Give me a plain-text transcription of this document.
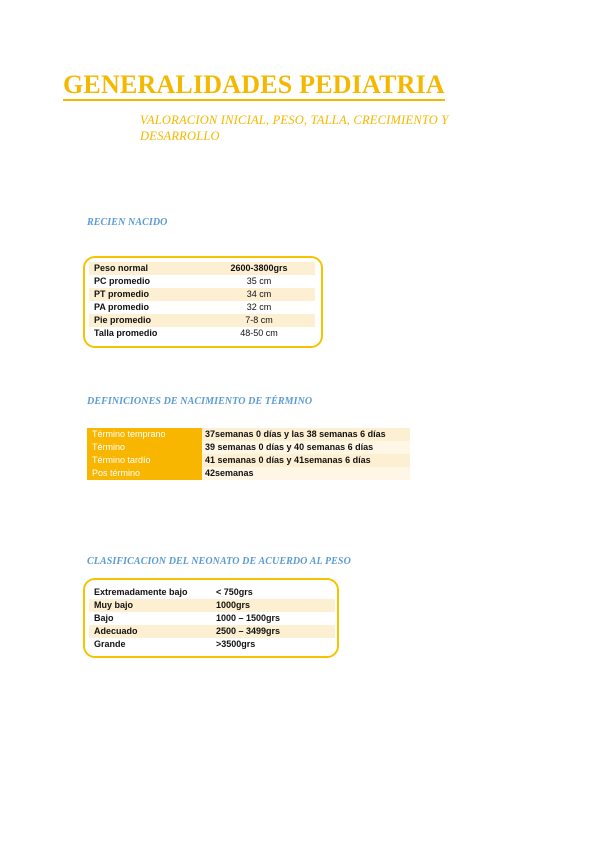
GENERALIDADES PEDIATRIA
VALORACION INICIAL, PESO, TALLA, CRECIMIENTO Y DESARROLLO
RECIEN NACIDO
Peso normal	2600-3800grs
PC promedio	35 cm
PT promedio	34 cm
PA promedio	32 cm
Pie promedio	7-8 cm
Talla promedio	48-50 cm
DEFINICIONES DE NACIMIENTO DE TÉRMINO
Término temprano	37semanas 0 días y las 38 semanas 6 días
Término	39 semanas 0 días y 40 semanas 6 días
Término tardío	41 semanas 0 días y 41semanas 6 días
Pos término	42semanas
CLASIFICACION DEL NEONATO DE ACUERDO AL PESO
Extremadamente bajo	< 750grs
Muy bajo	1000grs
Bajo	1000 – 1500grs
Adecuado	2500 – 3499grs
Grande	>3500grs
